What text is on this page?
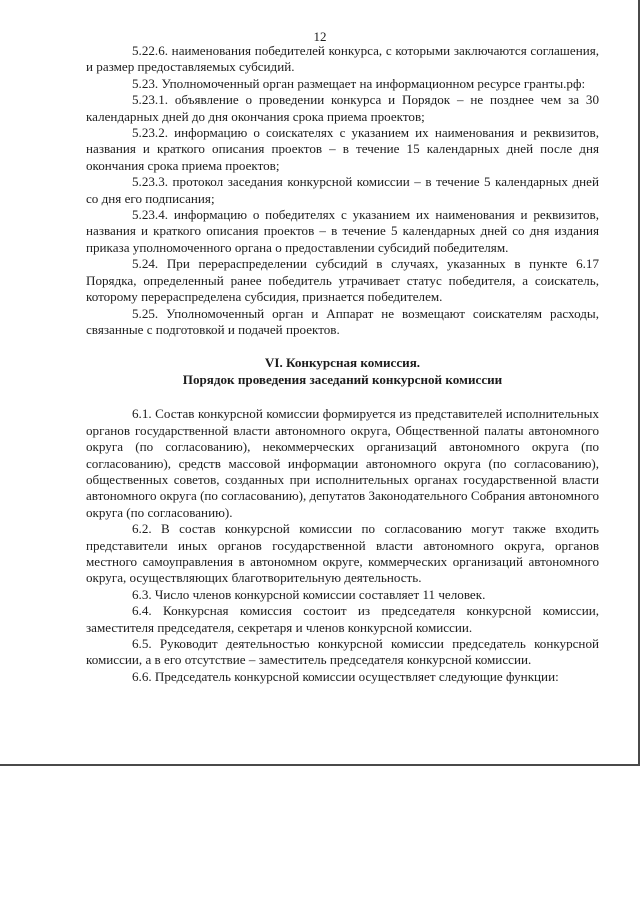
12

5.22.6. наименования победителей конкурса, с которыми заключаются соглашения, и размер предоставляемых субсидий.

5.23. Уполномоченный орган размещает на информационном ресурсе гранты.рф:

5.23.1. объявление о проведении конкурса и Порядок – не позднее чем за 30 календарных дней до дня окончания срока приема проектов;

5.23.2. информацию о соискателях с указанием их наименования и реквизитов, названия и краткого описания проектов – в течение 15 календарных дней после дня окончания срока приема проектов;

5.23.3. протокол заседания конкурсной комиссии – в течение 5 календарных дней со дня его подписания;

5.23.4. информацию о победителях с указанием их наименования и реквизитов, названия и краткого описания проектов – в течение 5 календарных дней со дня издания приказа уполномоченного органа о предоставлении субсидий победителям.

5.24. При перераспределении субсидий в случаях, указанных в пункте 6.17 Порядка, определенный ранее победитель утрачивает статус победителя, а соискатель, которому перераспределена субсидия, признается победителем.

5.25. Уполномоченный орган и Аппарат не возмещают соискателям расходы, связанные с подготовкой и подачей проектов.

VI. Конкурсная комиссия.
Порядок проведения заседаний конкурсной комиссии

6.1. Состав конкурсной комиссии формируется из представителей исполнительных органов государственной власти автономного округа, Общественной палаты автономного округа (по согласованию), некоммерческих организаций автономного округа (по согласованию), средств массовой информации автономного округа (по согласованию), общественных советов, созданных при исполнительных органах государственной власти автономного округа (по согласованию), депутатов Законодательного Собрания автономного округа (по согласованию).

6.2. В состав конкурсной комиссии по согласованию могут также входить представители иных органов государственной власти автономного округа, органов местного самоуправления в автономном округе, коммерческих организаций автономного округа, осуществляющих благотворительную деятельность.

6.3. Число членов конкурсной комиссии составляет 11 человек.

6.4. Конкурсная комиссия состоит из председателя конкурсной комиссии, заместителя председателя, секретаря и членов конкурсной комиссии.

6.5. Руководит деятельностью конкурсной комиссии председатель конкурсной комиссии, а в его отсутствие – заместитель председателя конкурсной комиссии.

6.6. Председатель конкурсной комиссии осуществляет следующие функции:
